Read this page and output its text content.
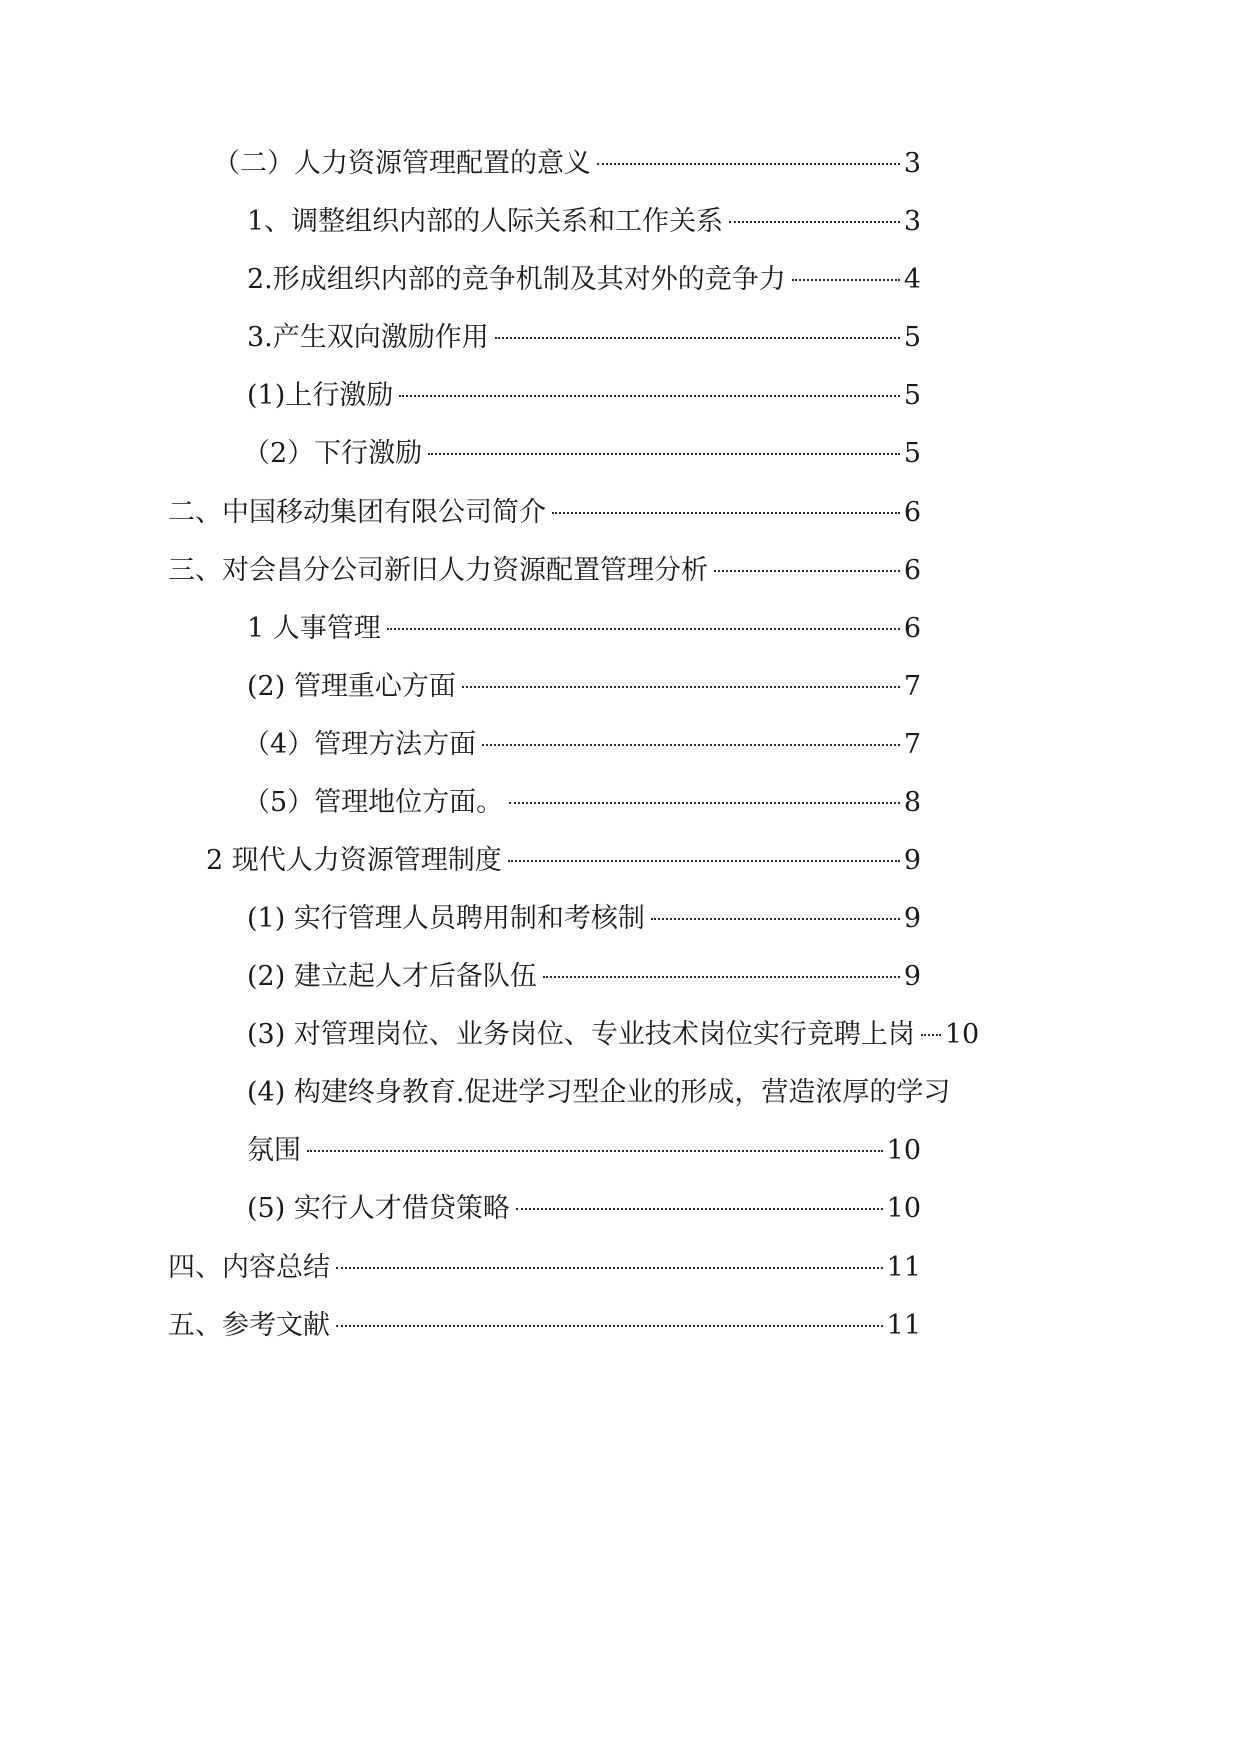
（二）人力资源管理配置的意义	3
1、调整组织内部的人际关系和工作关系	3
2.形成组织内部的竞争机制及其对外的竞争力	4
3.产生双向激励作用	5
(1)上行激励	5
（2）下行激励	5
二、中国移动集团有限公司简介	6
三、对会昌分公司新旧人力资源配置管理分析	6
1 人事管理	6
(2) 管理重心方面	7
（4）管理方法方面	7
（5）管理地位方面。	8
2 现代人力资源管理制度	9
(1) 实行管理人员聘用制和考核制	9
(2) 建立起人才后备队伍	9
(3) 对管理岗位、业务岗位、专业技术岗位实行竞聘上岗 10
(4) 构建终身教育.促进学习型企业的形成，营造浓厚的学习
氛围	10
(5) 实行人才借贷策略	10
四、内容总结	11
五、参考文献	11
